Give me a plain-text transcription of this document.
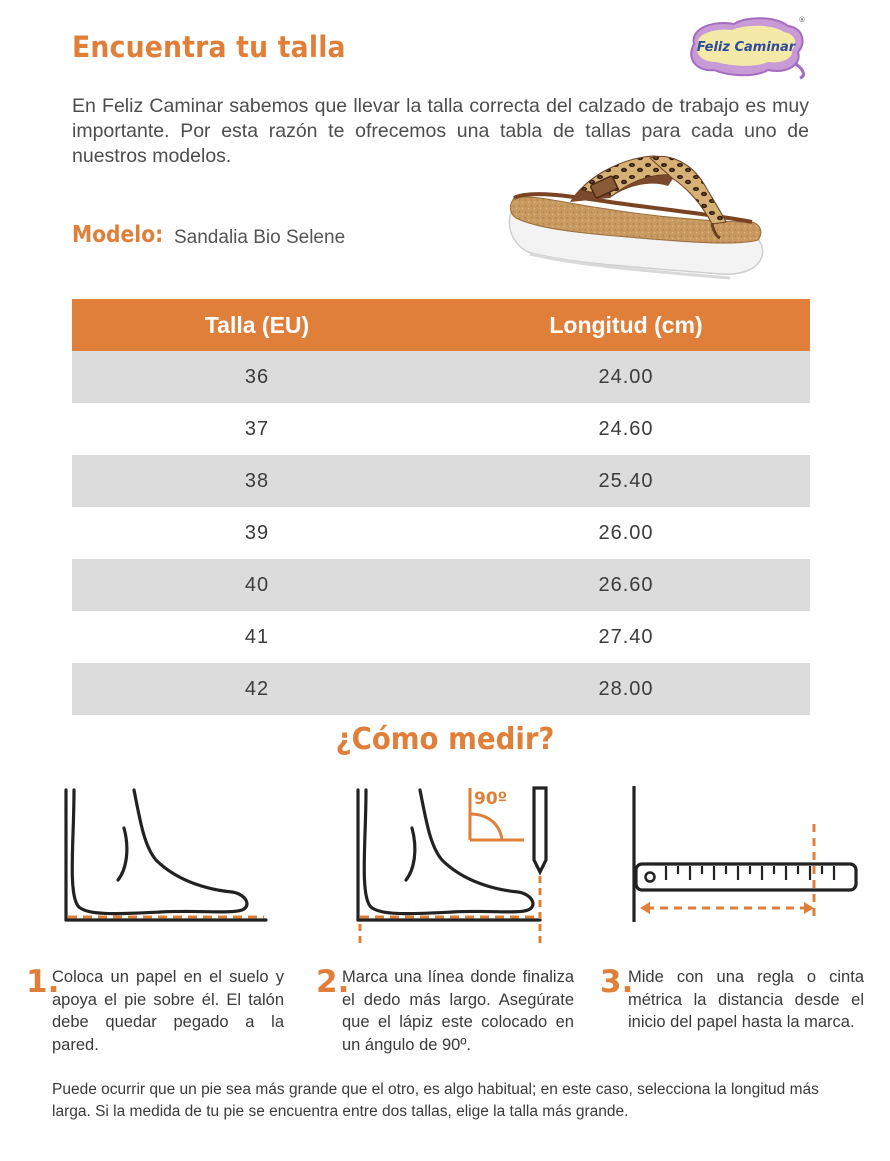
Encuentra tu talla	Feliz Caminar
®
En Feliz Caminar sabemos que llevar la talla correcta del calzado de trabajo es muy importante. Por esta razón te ofrecemos una tabla de tallas para cada uno de nuestros modelos.
Modelo: Sandalia Bio Selene
Talla (EU)	Longitud (cm)
36	24.00
37	24.60
38	25.40
39	26.00
40	26.60
41	27.40
42	28.00
¿Cómo medir?
90º
1.
Coloca un papel en el suelo y apoya el pie sobre él. El talón debe quedar pegado a la pared.
2.
Marca una línea donde finaliza el dedo más largo. Asegúrate que el lápiz este colocado en un ángulo de 90º.
3.
Mide con una regla o cinta métrica la distancia desde el inicio del papel hasta la marca.
Puede ocurrir que un pie sea más grande que el otro, es algo habitual; en este caso, selecciona la longitud más larga. Si la medida de tu pie se encuentra entre dos tallas, elige la talla más grande.
